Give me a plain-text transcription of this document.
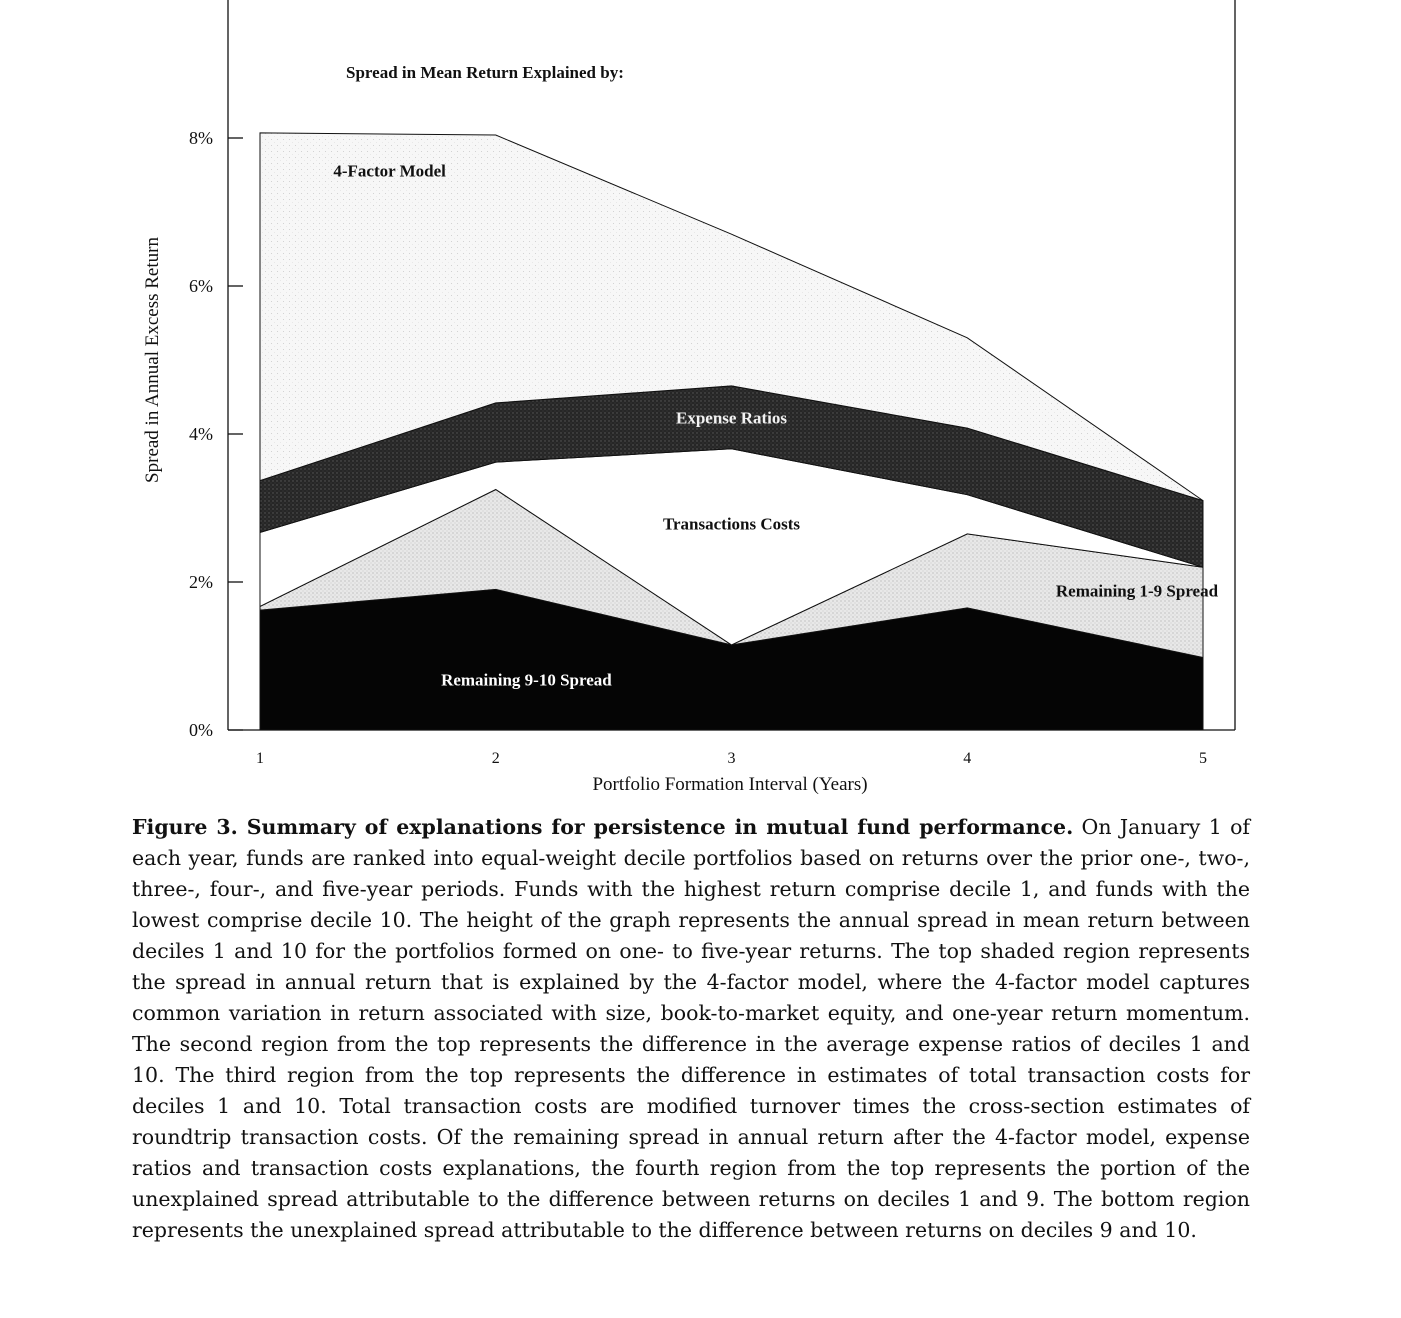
0%
2%
4%
6%
8%
1	2	3	4	5
Spread in Mean Return Explained by:
Spread in Annual Excess Return
Portfolio Formation Interval (Years)
Remaining 9-10 Spread
Remaining 1-9 Spread
Transactions Costs
Expense Ratios
4-Factor Model

Figure 3. Summary of explanations for persistence in mutual fund performance. On January 1 of each year, funds are ranked into equal-weight decile portfolios based on returns over the prior one-, two-, three-, four-, and five-year periods. Funds with the highest return comprise decile 1, and funds with the lowest comprise decile 10. The height of the graph represents the annual spread in mean return between deciles 1 and 10 for the portfolios formed on one- to five-year returns. The top shaded region represents the spread in annual return that is explained by the 4-factor model, where the 4-factor model captures common variation in return associated with size, book-to-market equity, and one-year return momentum. The second region from the top represents the difference in the average expense ratios of deciles 1 and 10. The third region from the top represents the difference in estimates of total transaction costs for deciles 1 and 10. Total transaction costs are modified turnover times the cross-section estimates of roundtrip transaction costs. Of the remaining spread in annual return after the 4-factor model, expense ratios and transaction costs explanations, the fourth region from the top represents the portion of the unexplained spread attributable to the difference between returns on deciles 1 and 9. The bottom region represents the unexplained spread attributable to the difference between returns on deciles 9 and 10.
